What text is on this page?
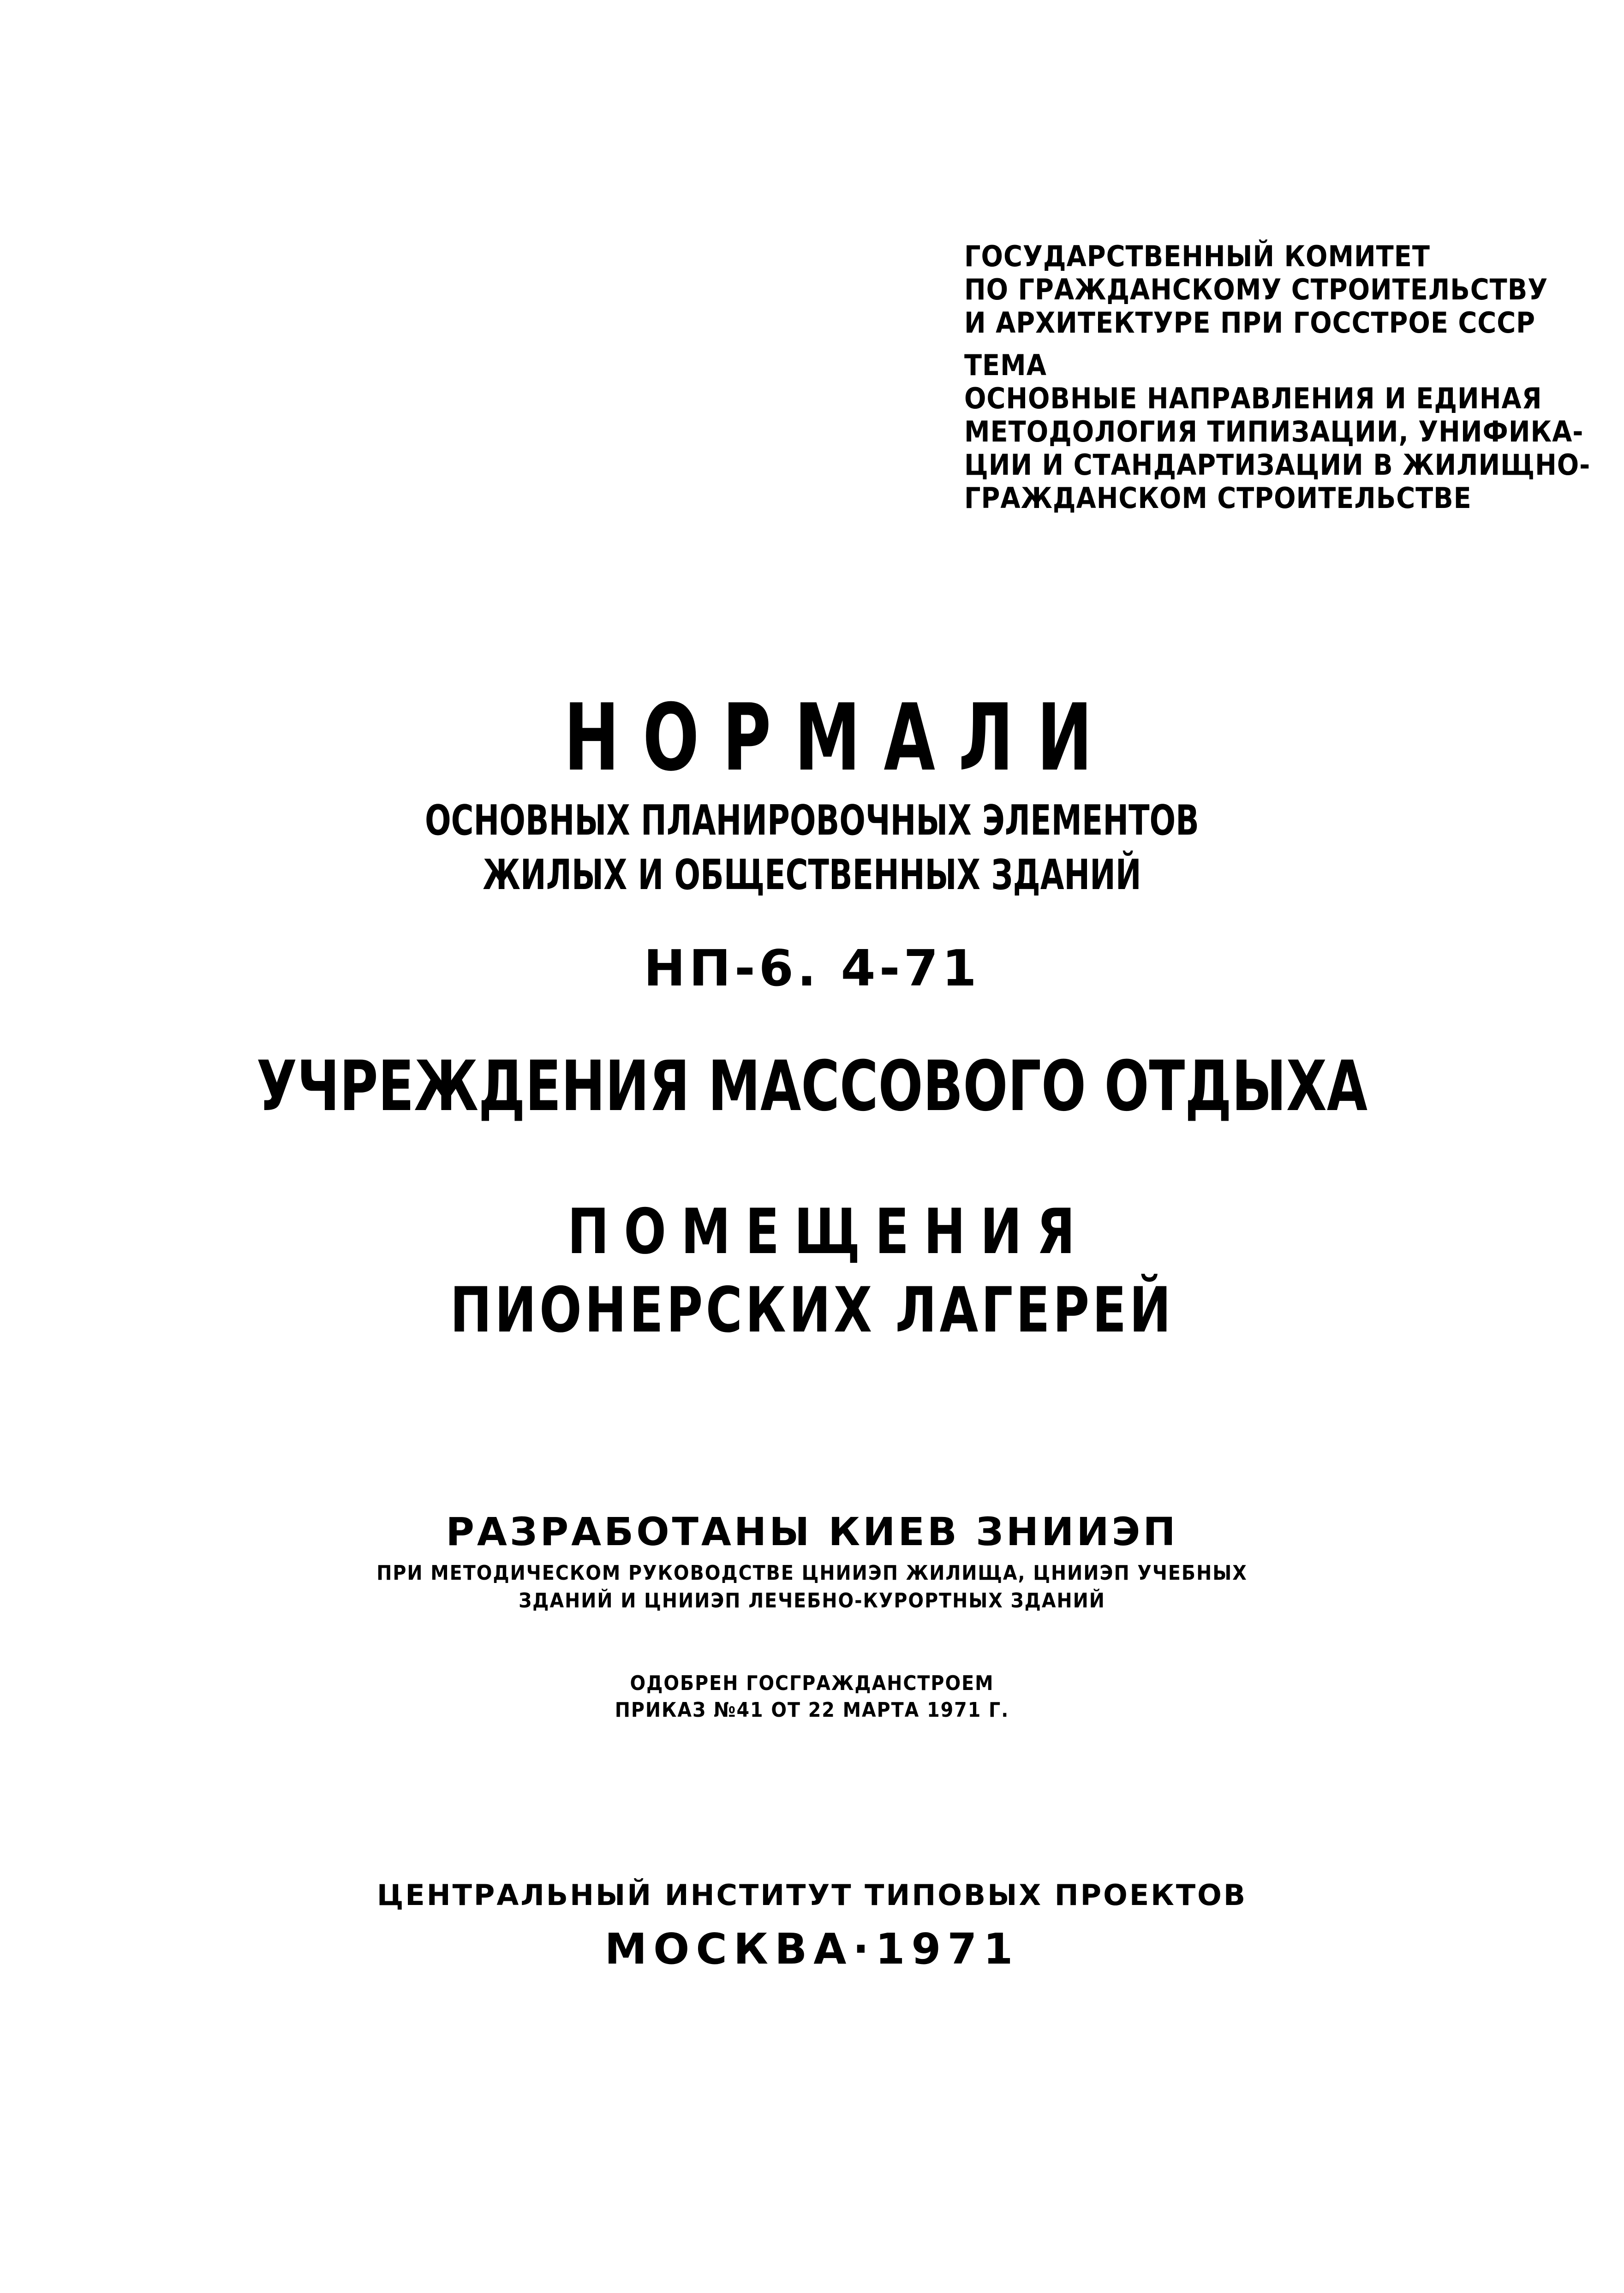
ГОСУДАРСТВЕННЫЙ КОМИТЕТ
ПО ГРАЖДАНСКОМУ СТРОИТЕЛЬСТВУ
И АРХИТЕКТУРЕ ПРИ ГОССТРОЕ СССР
ТЕМА
ОСНОВНЫЕ НАПРАВЛЕНИЯ И ЕДИНАЯ
МЕТОДОЛОГИЯ ТИПИЗАЦИИ, УНИФИКА-
ЦИИ И СТАНДАРТИЗАЦИИ В ЖИЛИЩНО-
ГРАЖДАНСКОМ СТРОИТЕЛЬСТВЕ
НОРМАЛИ
ОСНОВНЫХ ПЛАНИРОВОЧНЫХ ЭЛЕМЕНТОВ
ЖИЛЫХ И ОБЩЕСТВЕННЫХ ЗДАНИЙ
НП-6. 4-71
УЧРЕЖДЕНИЯ МАССОВОГО ОТДЫХА
ПОМЕЩЕНИЯ
ПИОНЕРСКИХ ЛАГЕРЕЙ
РАЗРАБОТАНЫ КИЕВ ЗНИИЭП
ПРИ МЕТОДИЧЕСКОМ РУКОВОДСТВЕ ЦНИИЭП ЖИЛИЩА, ЦНИИЭП УЧЕБНЫХ
ЗДАНИЙ И ЦНИИЭП ЛЕЧЕБНО-КУРОРТНЫХ ЗДАНИЙ
ОДОБРЕН ГОСГРАЖДАНСТРОЕМ
ПРИКАЗ №41 ОТ 22 МАРТА 1971 Г.
ЦЕНТРАЛЬНЫЙ ИНСТИТУТ ТИПОВЫХ ПРОЕКТОВ
МОСКВА·1971
